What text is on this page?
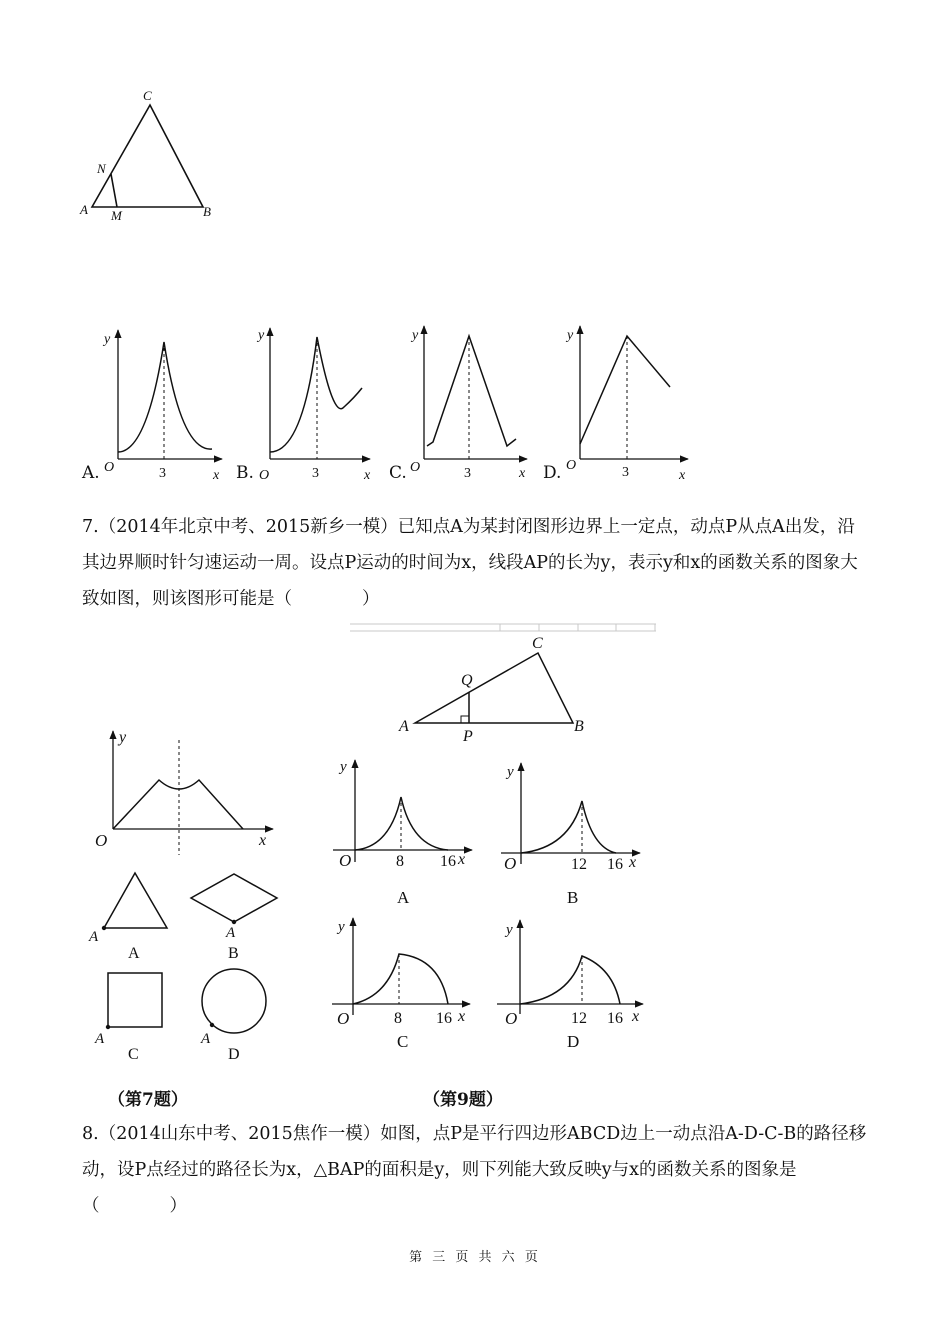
C
N
A M	B
y
O	3	x
y
O	3	x
y
O	3	x
y
O	3	x
C
Q
A
P
B
y
O	x
A
A
A
B
A
C
A
D
y
O	8 16 x
A
y
O	12 16 x
B
y
O	8 16 x
C
y
O	12 16 x
D
A.	B.	C.	D.

7.（2014年北京中考、2015新乡一模）已知点A为某封闭图形边界上一定点，动点P从点A出发，沿其边界顺时针匀速运动一周。设点P运动的时间为x，线段AP的长为y，表示y和x的函数关系的图象大致如图，则该图形可能是（　　　　）

（第7题）	（第9题）

8.（2014山东中考、2015焦作一模）如图，点P是平行四边形ABCD边上一动点沿A-D-C-B的路径移动，设P点经过的路径长为x，△BAP的面积是y，则下列能大致反映y与x的函数关系的图象是（　　　　）

第 三 页 共 六 页
